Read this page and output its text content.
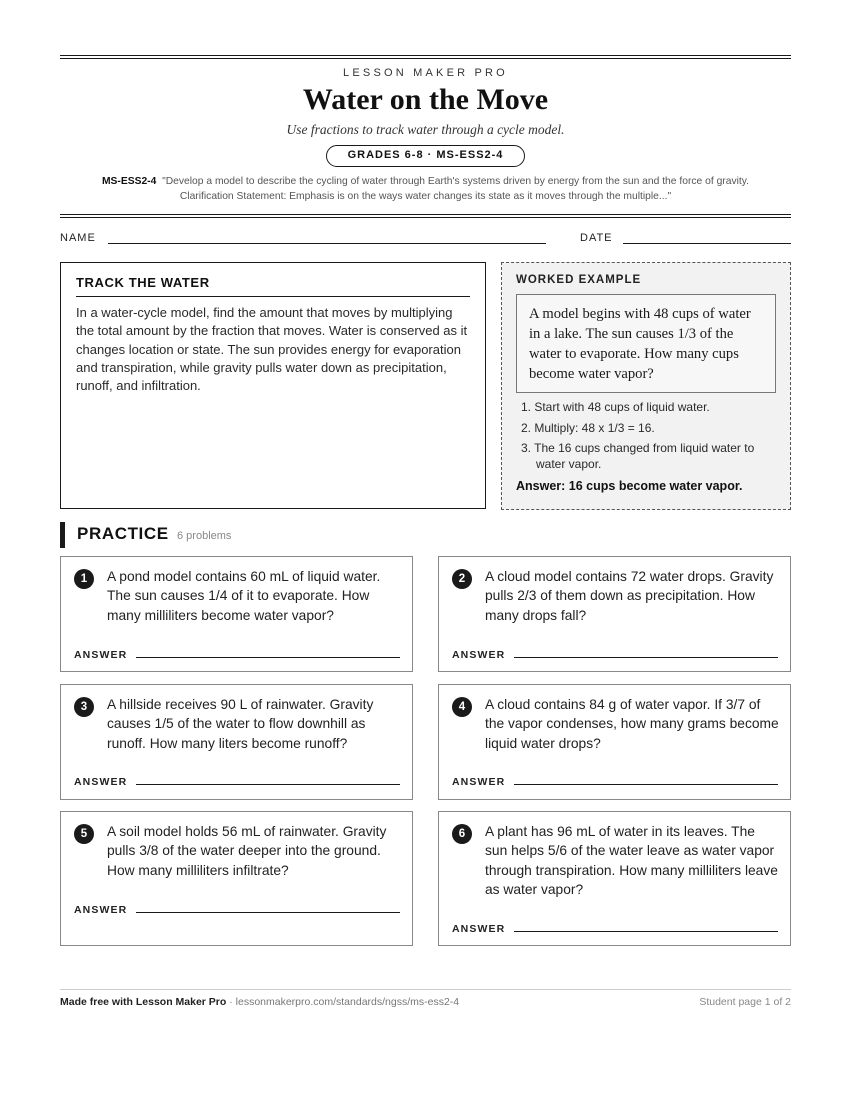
LESSON MAKER PRO
Water on the Move
Use fractions to track water through a cycle model.
GRADES 6-8 · MS-ESS2-4
MS-ESS2-4 "Develop a model to describe the cycling of water through Earth's systems driven by energy from the sun and the force of gravity.
Clarification Statement: Emphasis is on the ways water changes its state as it moves through the multiple..."
NAME	DATE
TRACK THE WATER
In a water-cycle model, find the amount that moves by multiplying the total amount by the fraction that moves. Water is conserved as it changes location or state. The sun provides energy for evaporation and transpiration, while gravity pulls water down as precipitation, runoff, and infiltration.
WORKED EXAMPLE
A model begins with 48 cups of water in a lake. The sun causes 1/3 of the water to evaporate. How many cups become water vapor?
1. Start with 48 cups of liquid water.
2. Multiply: 48 x 1/3 = 16.
3. The 16 cups changed from liquid water to water vapor.
Answer: 16 cups become water vapor.
PRACTICE 6 problems
1	A pond model contains 60 mL of liquid water. The sun causes 1/4 of it to evaporate. How many milliliters become water vapor?
ANSWER
2	A cloud model contains 72 water drops. Gravity pulls 2/3 of them down as precipitation. How many drops fall?
ANSWER
3	A hillside receives 90 L of rainwater. Gravity causes 1/5 of the water to flow downhill as runoff. How many liters become runoff?
ANSWER
4	A cloud contains 84 g of water vapor. If 3/7 of the vapor condenses, how many grams become liquid water drops?
ANSWER
5	A soil model holds 56 mL of rainwater. Gravity pulls 3/8 of the water deeper into the ground. How many milliliters infiltrate?
ANSWER
6	A plant has 96 mL of water in its leaves. The sun helps 5/6 of the water leave as water vapor through transpiration. How many milliliters leave as water vapor?
ANSWER
Made free with Lesson Maker Pro · lessonmakerpro.com/standards/ngss/ms-ess2-4	Student page 1 of 2
